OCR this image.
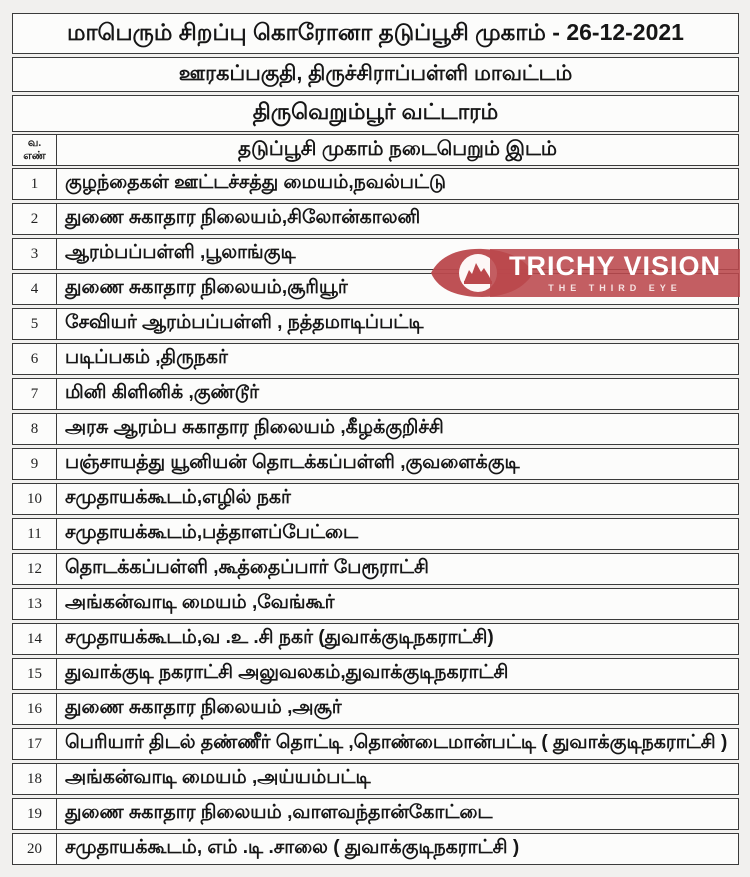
மாபெரும் சிறப்பு கொரோனா தடுப்பூசி முகாம் - 26-12-2021
ஊரகப்பகுதி, திருச்சிராப்பள்ளி மாவட்டம்
திருவெறும்பூர் வட்டாரம்
வ.
எண்	தடுப்பூசி முகாம் நடைபெறும் இடம்
1	குழந்தைகள் ஊட்டச்சத்து மையம்,நவல்பட்டு
2	துணை சுகாதார நிலையம்,சிலோன்காலனி
3	ஆரம்பப்பள்ளி ,பூலாங்குடி
4	துணை சுகாதார நிலையம்,சூரியூர்
5	சேவியர் ஆரம்பப்பள்ளி , நத்தமாடிப்பட்டி
6	படிப்பகம் ,திருநகர்
7	மினி கிளினிக் ,குண்டூர்
8	அரசு ஆரம்ப சுகாதார நிலையம் ,கீழக்குறிச்சி
9	பஞ்சாயத்து யூனியன் தொடக்கப்பள்ளி ,குவளைக்குடி
10	சமுதாயக்கூடம்,எழில் நகர்
11	சமுதாயக்கூடம்,பத்தாளப்பேட்டை
12	தொடக்கப்பள்ளி ,கூத்தைப்பார் பேரூராட்சி
13	அங்கன்வாடி மையம் ,வேங்கூர்
14	சமுதாயக்கூடம்,வ .உ .சி நகர் (துவாக்குடிநகராட்சி)
15	துவாக்குடி நகராட்சி அலுவலகம்,துவாக்குடிநகராட்சி
16	துணை சுகாதார நிலையம் ,அசூர்
17	பெரியார் திடல் தண்ணீர் தொட்டி ,தொண்டைமான்பட்டி ( துவாக்குடிநகராட்சி )
18	அங்கன்வாடி மையம் ,அய்யம்பட்டி
19	துணை சுகாதார நிலையம் ,வாளவந்தான்கோட்டை
20	சமுதாயக்கூடம், எம் .டி .சாலை ( துவாக்குடிநகராட்சி )
TRICHY VISION
THE THIRD EYE
